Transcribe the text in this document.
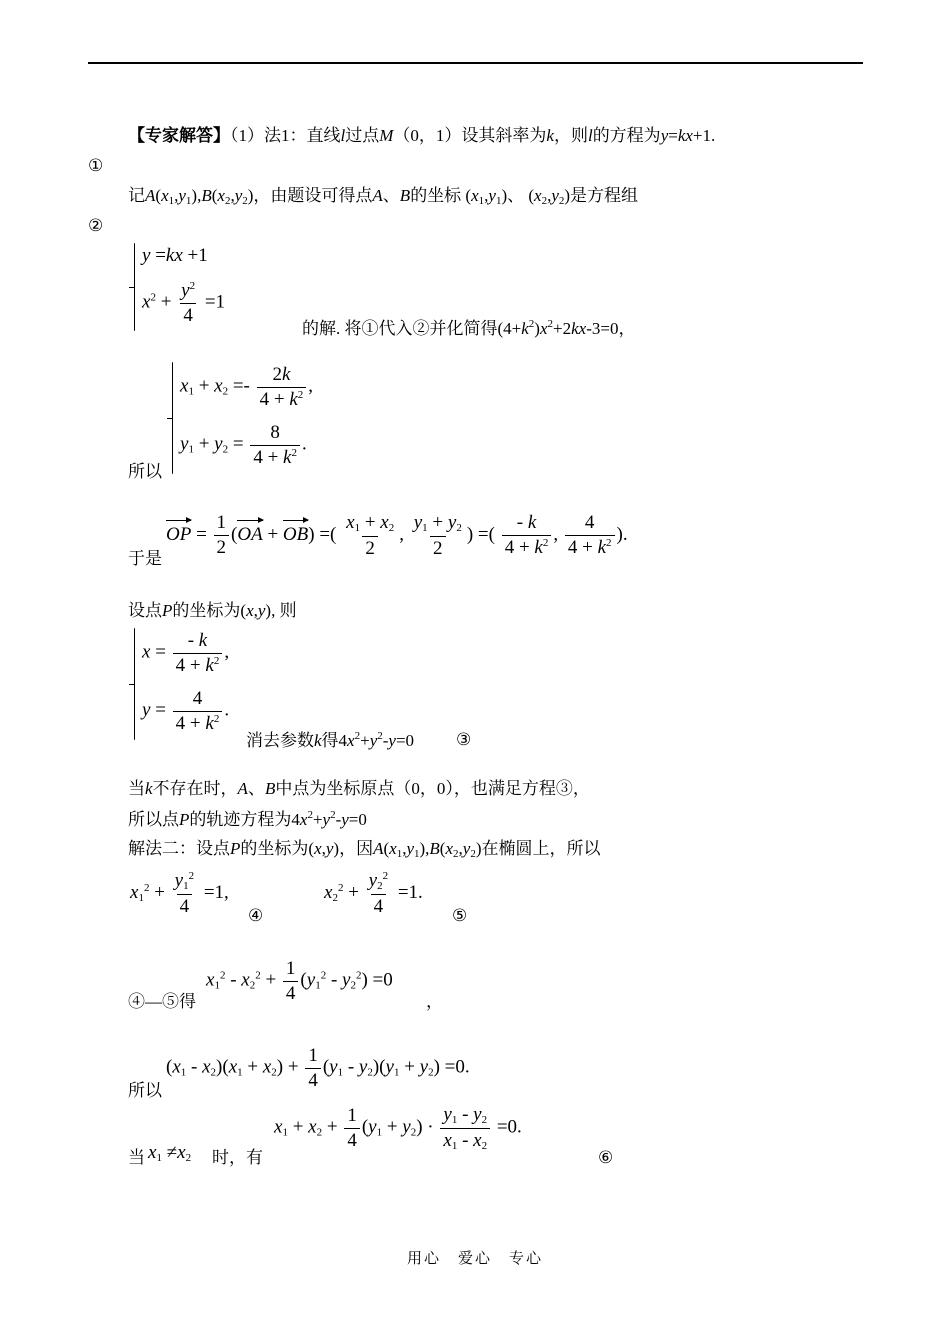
【专家解答】（1）法1：直线l过点M（0，1）设其斜率为k，则l的方程为y=kx+1.
①
记$A(x_1,y_1),B(x_2,y_2)$，由题设可得点A、B的坐标 $(x_1,y_1)$、 $(x_2,y_2)$是方程组
②
y =kx +1
$x^2 + \frac{y^2}{4} =1$
的解. 将①代入②并化简得$(4+k^2)x^2+2kx-3=0$，
$x_1 + x_2 =- \frac{2k}{4 + k^2}$ ,
$y_1 + y_2 = \frac{8}{4 + k^2}$ .
所以
OP = $\frac{1}{2} (OA + OB)$ =( $\frac{x_1 + x_2}{2}$ , $\frac{y_1 + y_2}{2}$ ) =( $\frac{- k}{4 + k^2}$ , $\frac{4}{4 + k^2}$ ).
于是
设点P的坐标为(x,y), 则
$x = \frac{- k}{4 + k^2}$ ,
$y = \frac{4}{4 + k^2}$ .
消去参数k得$4x^2+y^2-y=0$ ③
当k不存在时，A、B中点为坐标原点（0，0），也满足方程③，
所以点P的轨迹方程为$4x^2+y^2-y=0$
解法二：设点P的坐标为(x,y)，因$A(x_1,y_1),B(x_2,y_2)$在椭圆上，所以
$x_1^2 + \frac{y_1^2}{4} =1$,
④
$x_2^2 + \frac{y_2^2}{4} =1$.
⑤
$x_1^2 - x_2^2 + \frac{1}{4} (y_1^2 - y_2^2) =0$
④—⑤得	，
$(x_1 - x_2)(x_1 + x_2) + \frac{1}{4} (y_1 - y_2)(y_1 + y_2) =0$.
所以
当 $x_1 \ne x_2$ 时，有
$x_1 + x_2 + \frac{1}{4} (y_1 + y_2) \cdot \frac{y_1 - y_2}{x_1 - x_2} =0$.
⑥
用心　爱心　专心
